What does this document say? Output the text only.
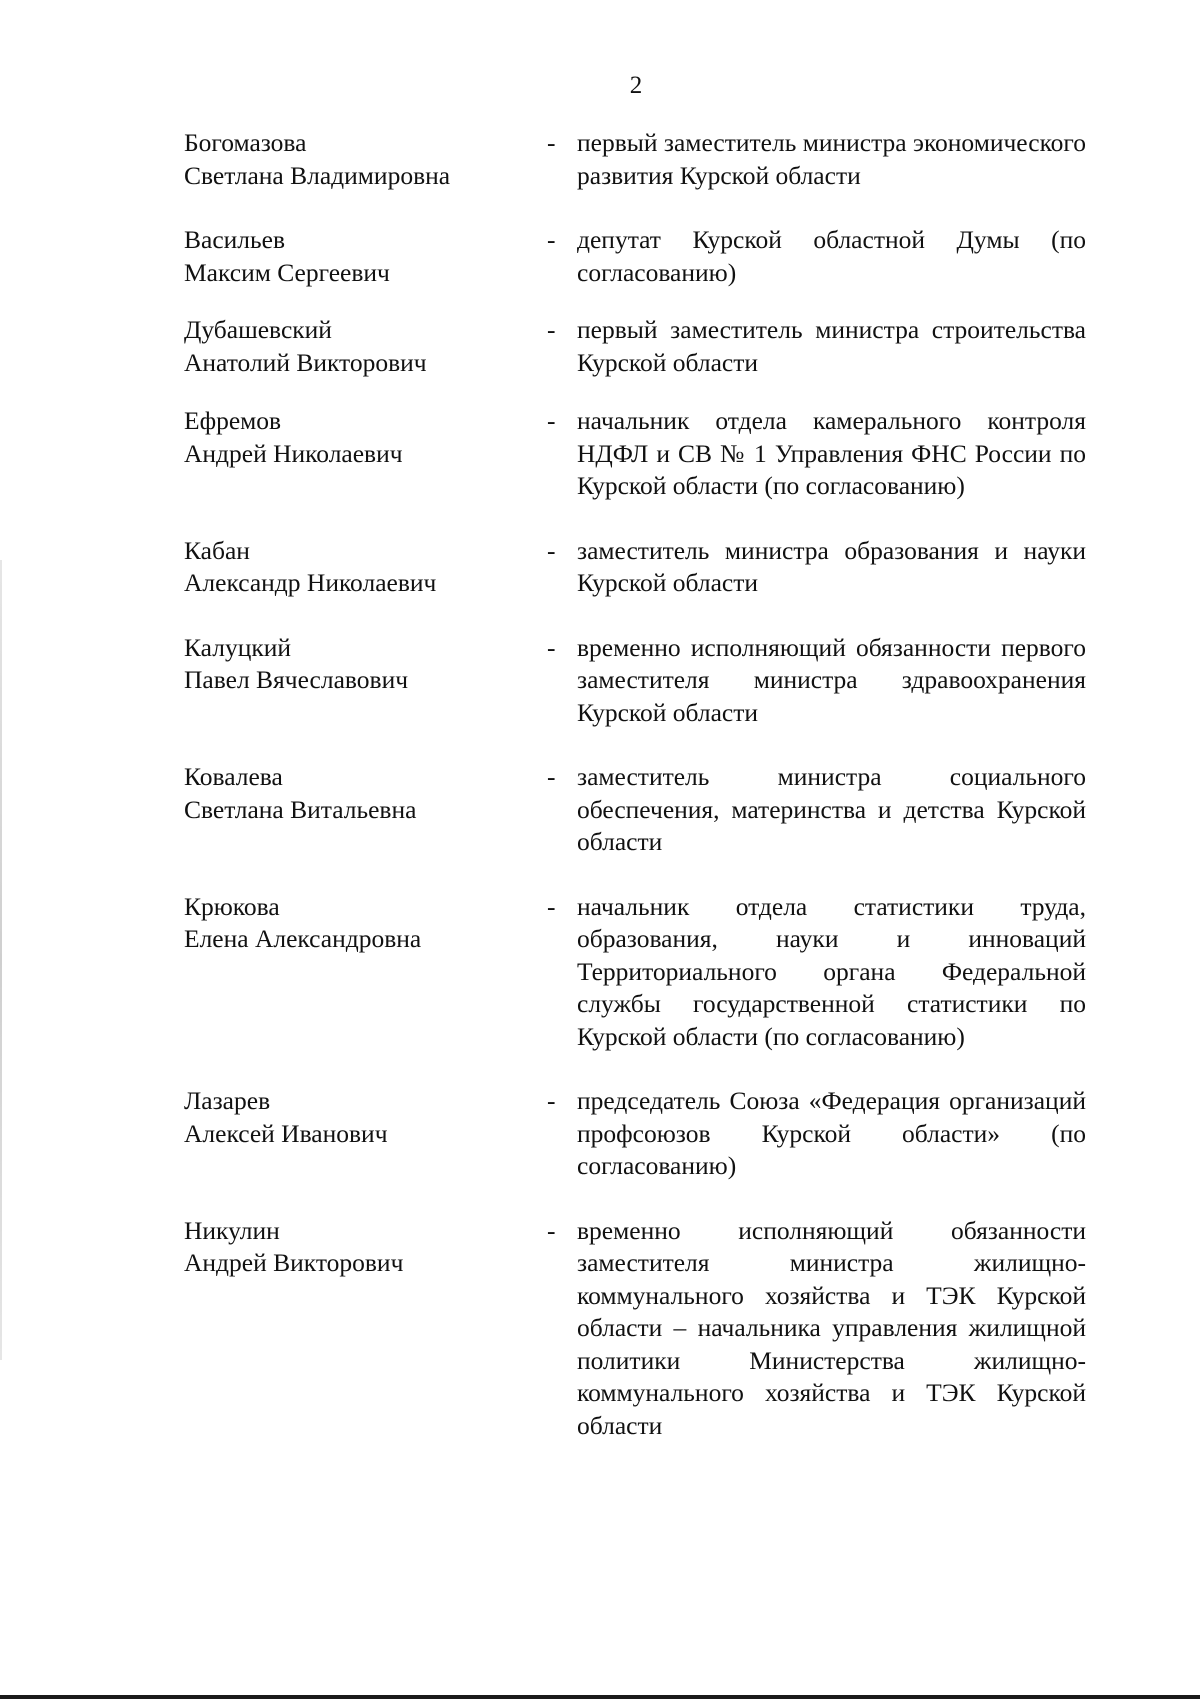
2
Богомазова
Светлана Владимировна
- первый заместитель министра экономического развития Курской области
Васильев
Максим Сергеевич
- депутат Курской областной Думы (по согласованию)
Дубашевский
Анатолий Викторович
- первый заместитель министра строительства Курской области
Ефремов
Андрей Николаевич
- начальник отдела камерального контроля НДФЛ и СВ № 1 Управления ФНС России по Курской области (по согласованию)
Кабан
Александр Николаевич
- заместитель министра образования и науки Курской области
Калуцкий
Павел Вячеславович
- временно исполняющий обязанности первого заместителя министра здравоохранения Курской области
Ковалева
Светлана Витальевна
- заместитель министра социального обеспечения, материнства и детства Курской области
Крюкова
Елена Александровна
- начальник отдела статистики труда, образования, науки и инноваций Территориального органа Федеральной службы государственной статистики по Курской области (по согласованию)
Лазарев
Алексей Иванович
- председатель Союза «Федерация организаций профсоюзов Курской области» (по согласованию)
Никулин
Андрей Викторович
- временно исполняющий обязанности заместителя министра жилищно-коммунального хозяйства и ТЭК Курской области – начальника управления жилищной политики Министерства жилищно-коммунального хозяйства и ТЭК Курской области
